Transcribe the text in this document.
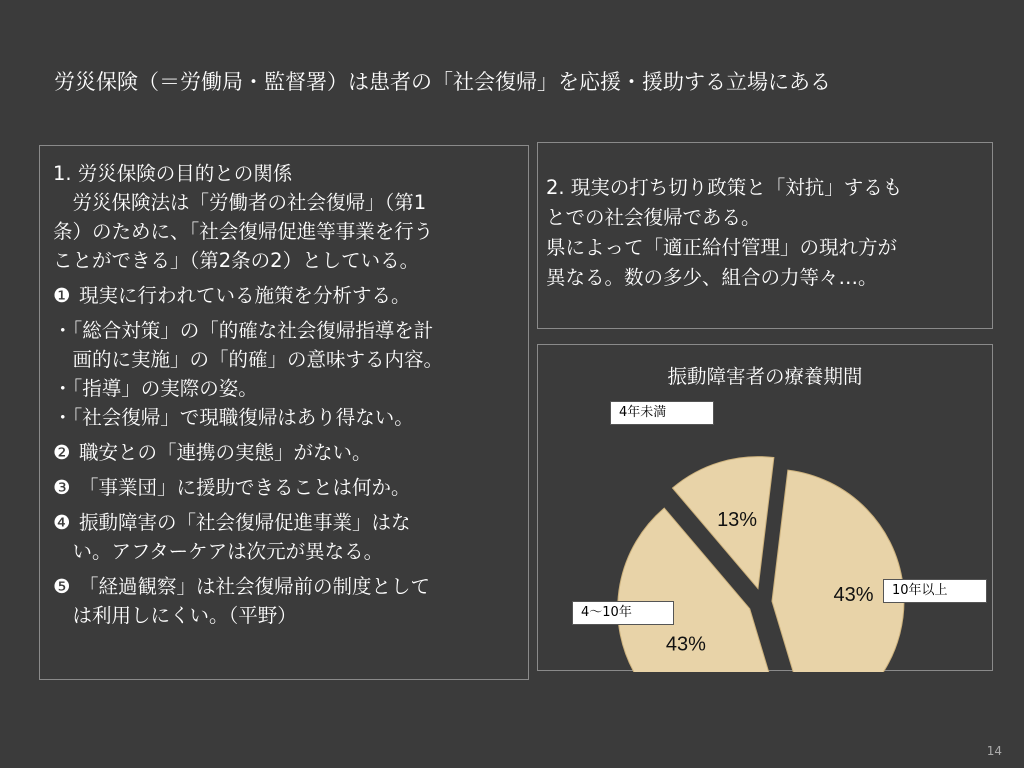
労災保険（＝労働局・監督署）は患者の「社会復帰」を応援・援助する立場にある

1. 労災保険の目的との関係

　労災保険法は「労働者の社会復帰」（第1

条）のために、「社会復帰促進等事業を行う

ことができる」（第2条の2）としている。

❶ 現実に行われている施策を分析する。

・「総合対策」の「的確な社会復帰指導を計

　画的に実施」の「的確」の意味する内容。

・「指導」の実際の姿。

・「社会復帰」で現職復帰はあり得ない。

❷ 職安との「連携の実態」がない。

❸ 「事業団」に援助できることは何か。

❹ 振動障害の「社会復帰促進事業」はな

　い。アフターケアは次元が異なる。

❺ 「経過観察」は社会復帰前の制度として

　は利用しにくい。（平野）

2. 現実の打ち切り政策と「対抗」するも

とでの社会復帰である。

県によって「適正給付管理」の現れ方が

異なる。数の多少、組合の力等々…。

振動障害者の療養期間
43%
43%
13%
4年未満
4～10年
10年以上
14
